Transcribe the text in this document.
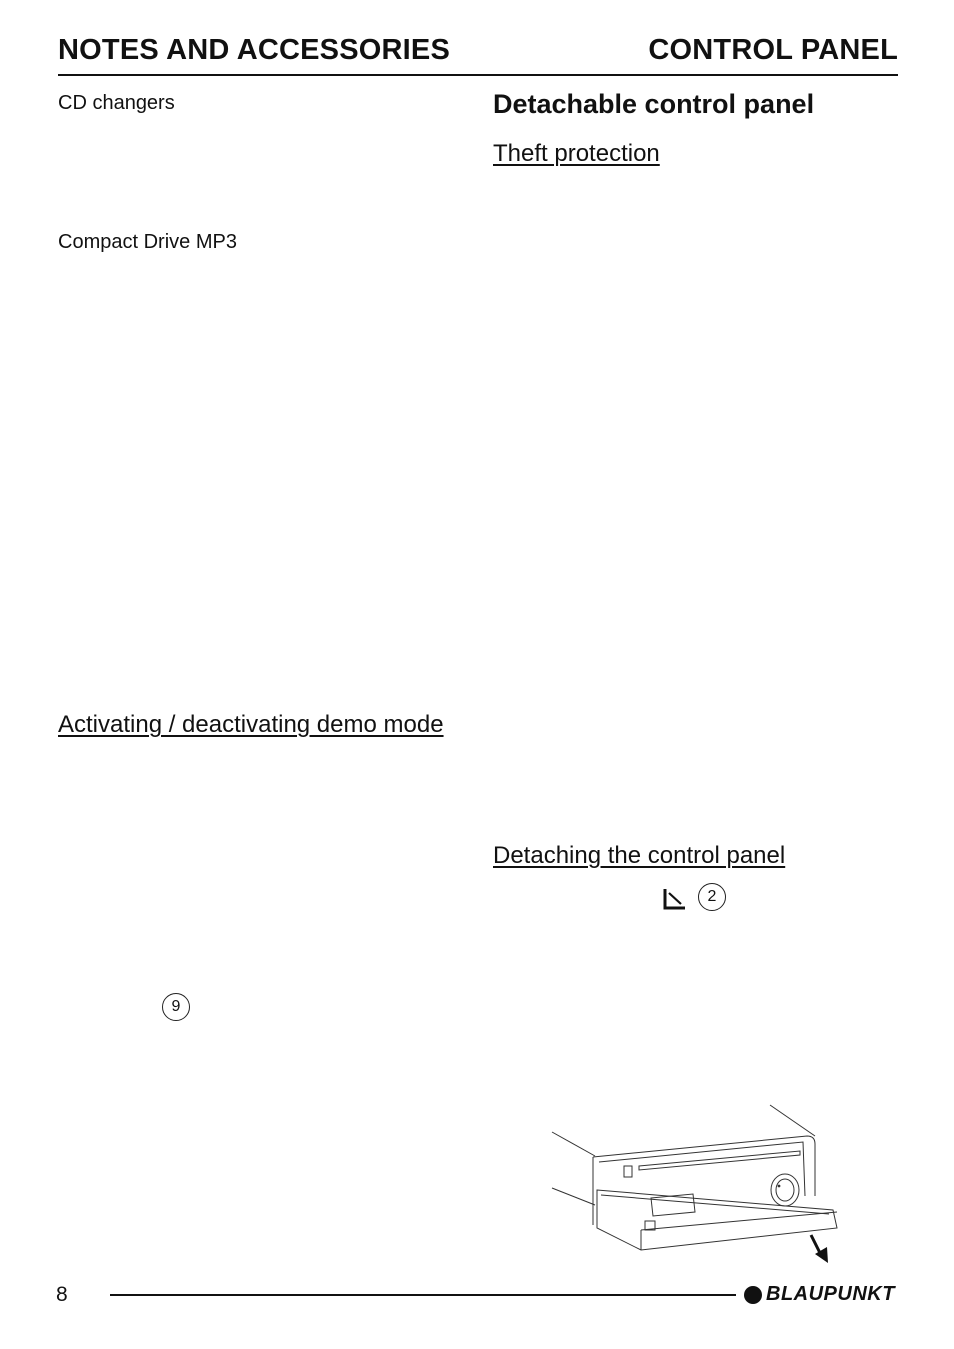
NOTES AND ACCESSORIES	CONTROL PANEL
CD changers
Compact Drive MP3
Activating / deactivating demo mode
9
Detachable control panel
Theft protection
Detaching the control panel
2
8	BLAUPUNKT
